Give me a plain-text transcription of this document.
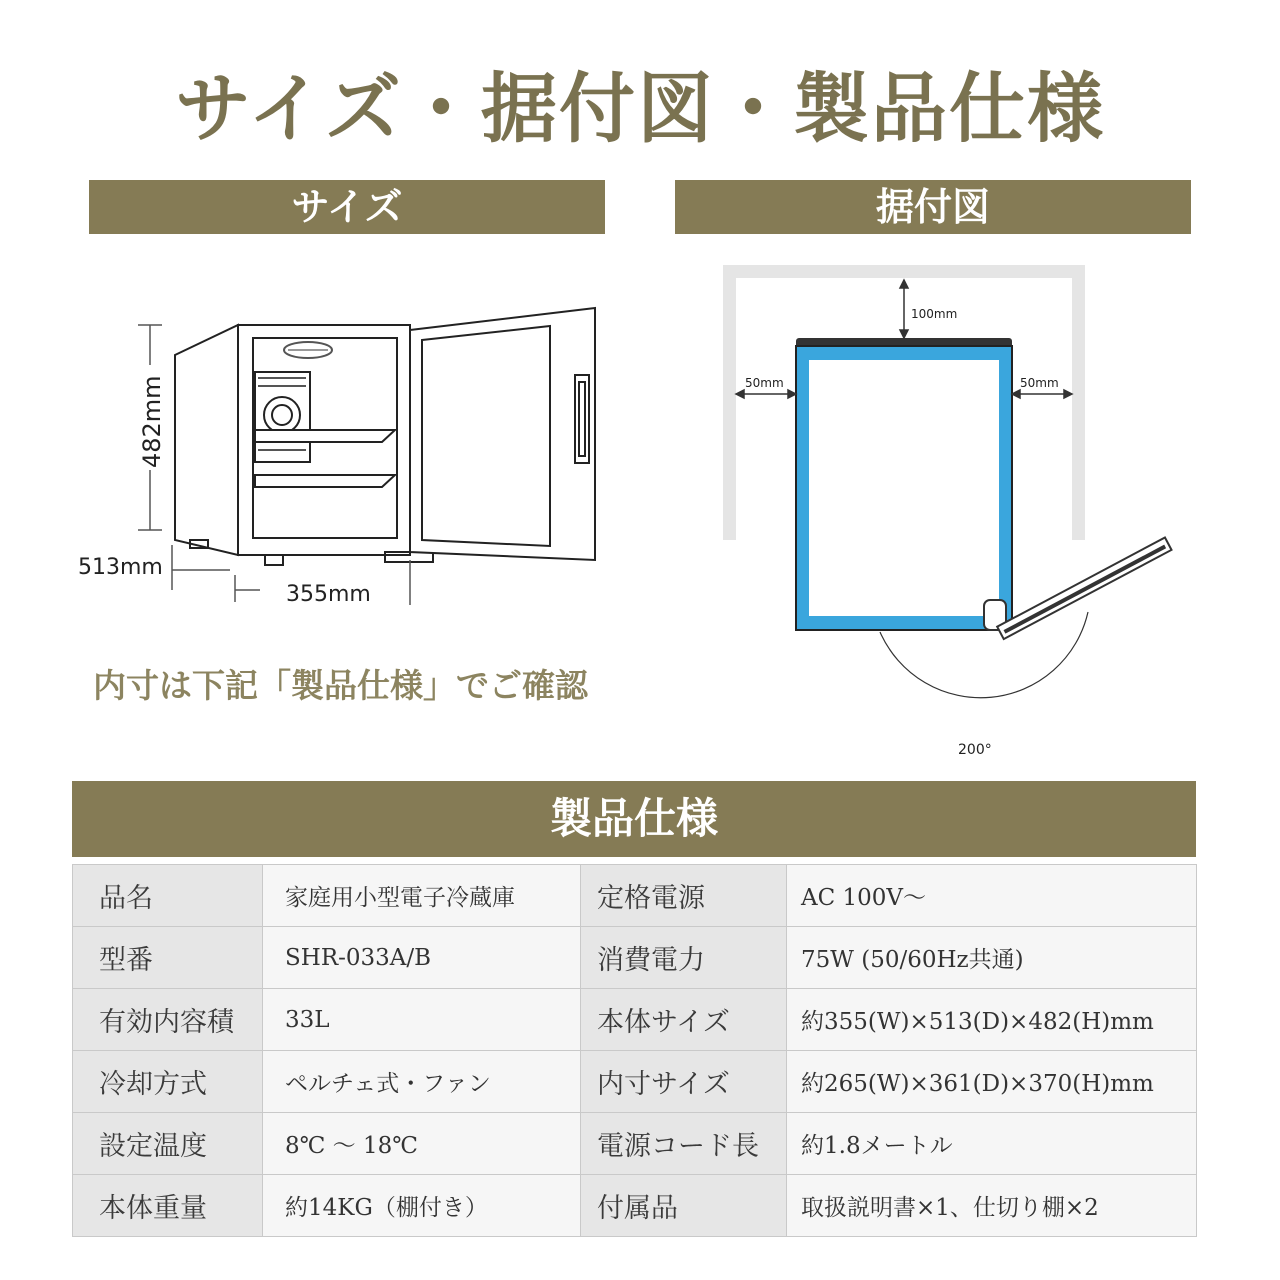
サイズ・据付図・製品仕様
サイズ	据付図
482mm
513mm
355mm
内寸は下記「製品仕様」でご確認
100mm
50mm	50mm
200°
製品仕様
品名	家庭用小型電子冷蔵庫	定格電源	AC 100V〜
型番	SHR-033A/B	消費電力	75W (50/60Hz共通)
有効内容積	33L	本体サイズ	約355(W)×513(D)×482(H)mm
冷却方式	ペルチェ式・ファン	内寸サイズ	約265(W)×361(D)×370(H)mm
設定温度	8℃ 〜 18℃	電源コード長	約1.8メートル
本体重量	約14KG（棚付き）	付属品	取扱説明書×1、仕切り棚×2
